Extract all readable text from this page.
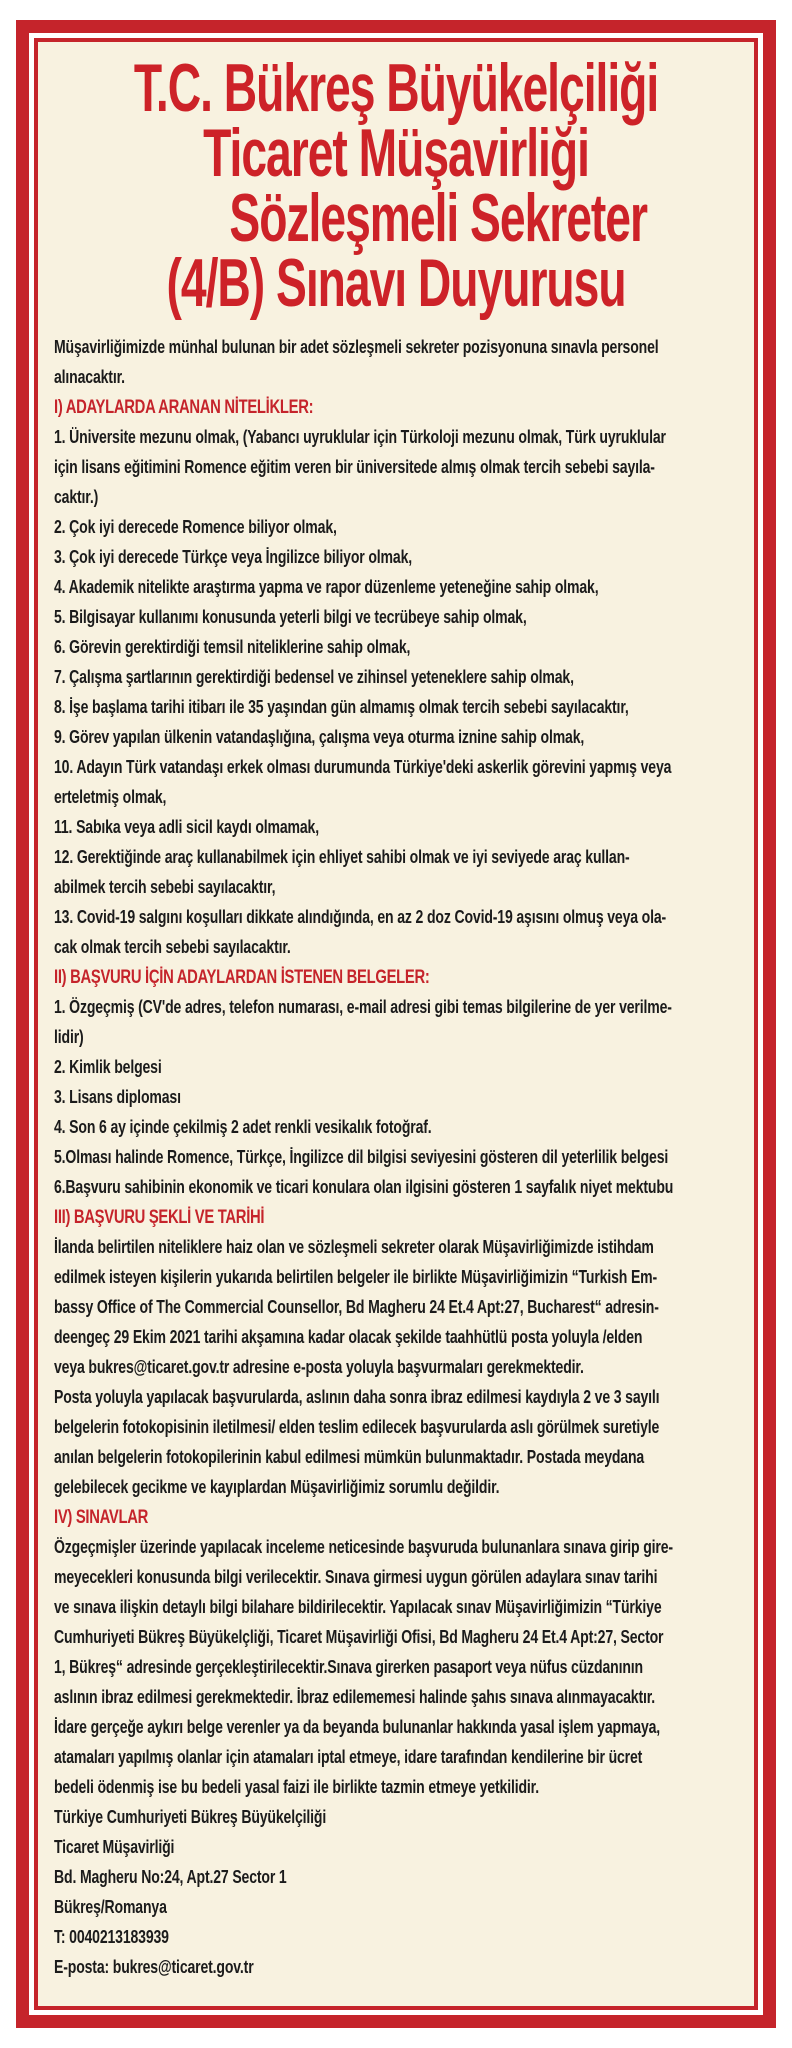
T.C. Bükreş Büyükelçiliği
Ticaret Müşavirliği
Sözleşmeli Sekreter
(4/B) Sınavı Duyurusu
Müşavirliğimizde münhal bulunan bir adet sözleşmeli sekreter pozisyonuna sınavla personel
alınacaktır.
I) ADAYLARDA ARANAN NİTELİKLER:
1. Üniversite mezunu olmak, (Yabancı uyruklular için Türkoloji mezunu olmak, Türk uyruklular
için lisans eğitimini Romence eğitim veren bir üniversitede almış olmak tercih sebebi sayıla-
caktır.)
2. Çok iyi derecede Romence biliyor olmak,
3. Çok iyi derecede Türkçe veya İngilizce biliyor olmak,
4. Akademik nitelikte araştırma yapma ve rapor düzenleme yeteneğine sahip olmak,
5. Bilgisayar kullanımı konusunda yeterli bilgi ve tecrübeye sahip olmak,
6. Görevin gerektirdiği temsil niteliklerine sahip olmak,
7. Çalışma şartlarının gerektirdiği bedensel ve zihinsel yeteneklere sahip olmak,
8. İşe başlama tarihi itibarı ile 35 yaşından gün almamış olmak tercih sebebi sayılacaktır,
9. Görev yapılan ülkenin vatandaşlığına, çalışma veya oturma iznine sahip olmak,
10. Adayın Türk vatandaşı erkek olması durumunda Türkiye'deki askerlik görevini yapmış veya
erteletmiş olmak,
11. Sabıka veya adli sicil kaydı olmamak,
12. Gerektiğinde araç kullanabilmek için ehliyet sahibi olmak ve iyi seviyede araç kullan-
abilmek tercih sebebi sayılacaktır,
13. Covid-19 salgını koşulları dikkate alındığında, en az 2 doz Covid-19 aşısını olmuş veya ola-
cak olmak tercih sebebi sayılacaktır.
II) BAŞVURU İÇİN ADAYLARDAN İSTENEN BELGELER:
1. Özgeçmiş (CV'de adres, telefon numarası, e-mail adresi gibi temas bilgilerine de yer verilme-
lidir)
2. Kimlik belgesi
3. Lisans diploması
4. Son 6 ay içinde çekilmiş 2 adet renkli vesikalık fotoğraf.
5.Olması halinde Romence, Türkçe, İngilizce dil bilgisi seviyesini gösteren dil yeterlilik belgesi
6.Başvuru sahibinin ekonomik ve ticari konulara olan ilgisini gösteren 1 sayfalık niyet mektubu
III) BAŞVURU ŞEKLİ VE TARİHİ
İlanda belirtilen niteliklere haiz olan ve sözleşmeli sekreter olarak Müşavirliğimizde istihdam
edilmek isteyen kişilerin yukarıda belirtilen belgeler ile birlikte Müşavirliğimizin “Turkish Em-
bassy Office of The Commercial Counsellor, Bd Magheru 24 Et.4 Apt:27, Bucharest“ adresin-
deengeç 29 Ekim 2021 tarihi akşamına kadar olacak şekilde taahhütlü posta yoluyla /elden
veya bukres@ticaret.gov.tr adresine e-posta yoluyla başvurmaları gerekmektedir.
Posta yoluyla yapılacak başvurularda, aslının daha sonra ibraz edilmesi kaydıyla 2 ve 3 sayılı
belgelerin fotokopisinin iletilmesi/ elden teslim edilecek başvurularda aslı görülmek suretiyle
anılan belgelerin fotokopilerinin kabul edilmesi mümkün bulunmaktadır. Postada meydana
gelebilecek gecikme ve kayıplardan Müşavirliğimiz sorumlu değildir.
IV) SINAVLAR
Özgeçmişler üzerinde yapılacak inceleme neticesinde başvuruda bulunanlara sınava girip gire-
meyecekleri konusunda bilgi verilecektir. Sınava girmesi uygun görülen adaylara sınav tarihi
ve sınava ilişkin detaylı bilgi bilahare bildirilecektir. Yapılacak sınav Müşavirliğimizin “Türkiye
Cumhuriyeti Bükreş Büyükelçliği, Ticaret Müşavirliği Ofisi, Bd Magheru 24 Et.4 Apt:27, Sector
1, Bükreş“ adresinde gerçekleştirilecektir.Sınava girerken pasaport veya nüfus cüzdanının
aslının ibraz edilmesi gerekmektedir. İbraz edilememesi halinde şahıs sınava alınmayacaktır.
İdare gerçeğe aykırı belge verenler ya da beyanda bulunanlar hakkında yasal işlem yapmaya,
atamaları yapılmış olanlar için atamaları iptal etmeye, idare tarafından kendilerine bir ücret
bedeli ödenmiş ise bu bedeli yasal faizi ile birlikte tazmin etmeye yetkilidir.
Türkiye Cumhuriyeti Bükreş Büyükelçiliği
Ticaret Müşavirliği
Bd. Magheru No:24, Apt.27 Sector 1
Bükreş/Romanya
T: 0040213183939
E-posta: bukres@ticaret.gov.tr
